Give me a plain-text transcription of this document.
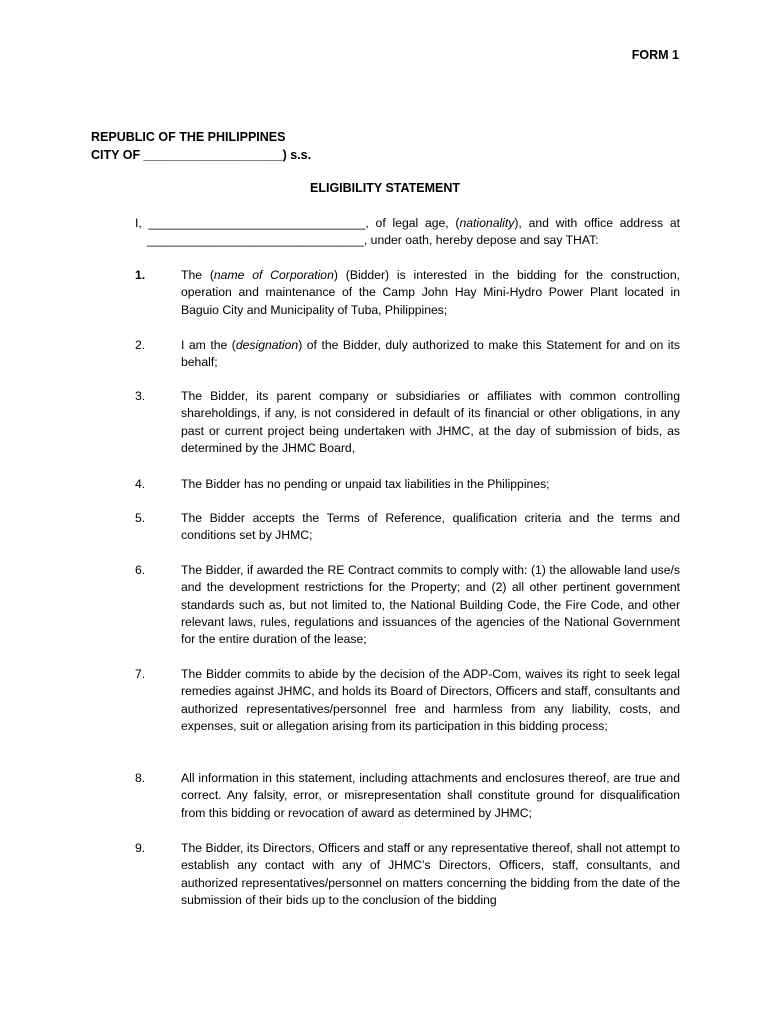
FORM 1
REPUBLIC OF THE PHILIPPINES
CITY OF ____________________) s.s.
ELIGIBILITY STATEMENT
I, ________________________________, of legal age, (nationality), and with office address at
________________________________, under oath, hereby depose and say THAT:
1.	The (name of Corporation) (Bidder) is interested in the bidding for the construction, operation and maintenance of the Camp John Hay Mini-Hydro Power Plant located in Baguio City and Municipality of Tuba, Philippines;
2.	I am the (designation) of the Bidder, duly authorized to make this Statement for and on its behalf;
3.	The Bidder, its parent company or subsidiaries or affiliates with common controlling shareholdings, if any, is not considered in default of its financial or other obligations, in any past or current project being undertaken with JHMC, at the day of submission of bids, as determined by the JHMC Board,
4.	The Bidder has no pending or unpaid tax liabilities in the Philippines;
5.	The Bidder accepts the Terms of Reference, qualification criteria and the terms and conditions set by JHMC;
6.	The Bidder, if awarded the RE Contract commits to comply with: (1) the allowable land use/s and the development restrictions for the Property; and (2) all other pertinent government standards such as, but not limited to, the National Building Code, the Fire Code, and other relevant laws, rules, regulations and issuances of the agencies of the National Government for the entire duration of the lease;
7.	The Bidder commits to abide by the decision of the ADP-Com, waives its right to seek legal remedies against JHMC, and holds its Board of Directors, Officers and staff, consultants and authorized representatives/personnel free and harmless from any liability, costs, and expenses, suit or allegation arising from its participation in this bidding process;
8.	All information in this statement, including attachments and enclosures thereof, are true and correct. Any falsity, error, or misrepresentation shall constitute ground for disqualification from this bidding or revocation of award as determined by JHMC;
9.	The Bidder, its Directors, Officers and staff or any representative thereof, shall not attempt to establish any contact with any of JHMC’s Directors, Officers, staff, consultants, and authorized representatives/personnel on matters concerning the bidding from the date of the submission of their bids up to the conclusion of the bidding
